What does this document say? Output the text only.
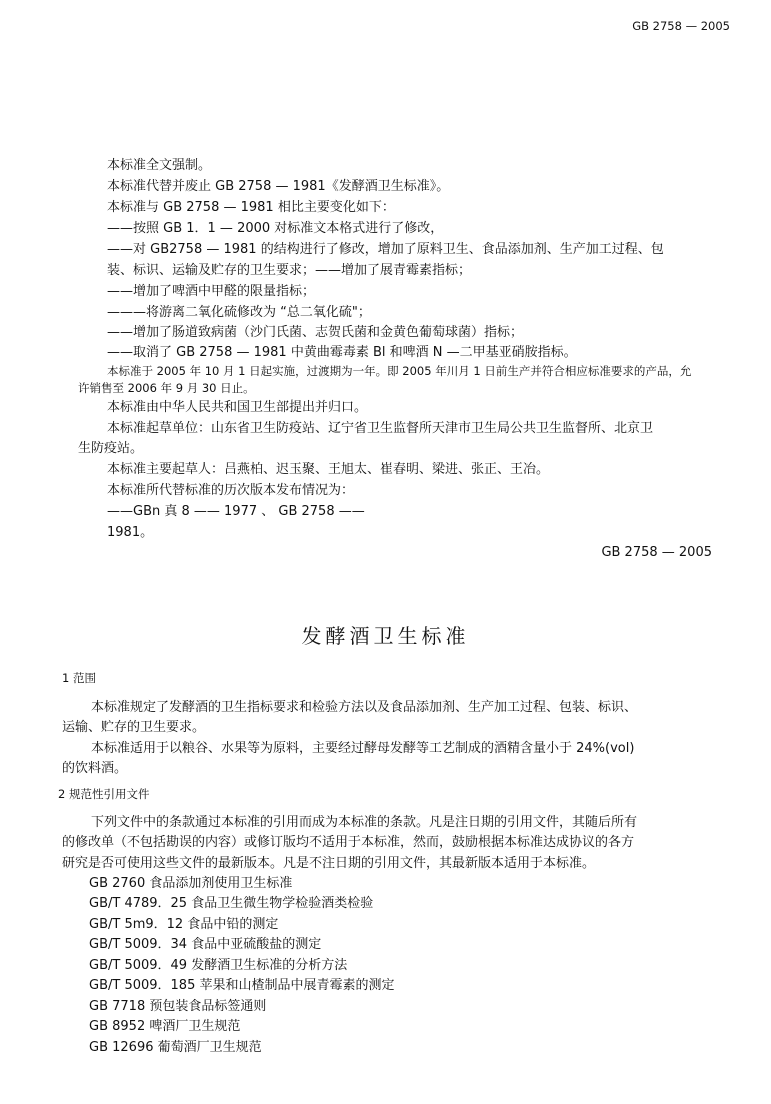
GB 2758 — 2005
本标准全文强制。
本标准代替并废止 GB 2758 — 1981《发酵酒卫生标准》。
本标准与 GB 2758 — 1981 相比主要变化如下：
——按照 GB 1．1 — 2000 对标准文本格式进行了修改，
——对 GB2758 — 1981 的结构进行了修改，增加了原料卫生、食品添加剂、生产加工过程、包
装、标识、运输及贮存的卫生要求；——增加了展青霉素指标；
——增加了啤酒中甲醛的限量指标；
———将游离二氧化硫修改为 “总二氧化硫"；
——增加了肠道致病菌（沙门氏菌、志贺氏菌和金黄色葡萄球菌）指标；
——取消了 GB 2758 — 1981 中黄曲霉毒素 Bl 和啤酒 N —二甲基亚硝胺指标。
本标准于 2005 年 10 月 1 日起实施，过渡期为一年。即 2005 年川月 1 日前生产并符合相应标准要求的产品，允
许销售至 2006 年 9 月 30 日止。
本标准由中华人民共和国卫生部提出并归口。
本标准起草单位：山东省卫生防疫站、辽宁省卫生监督所天津市卫生局公共卫生监督所、北京卫
生防疫站。
本标准主要起草人：吕燕柏、迟玉聚、王旭太、崔春明、梁进、张正、王冶。
本标准所代替标准的历次版本发布情况为：
——GBn 真 8 —— 1977 、 GB 2758 ——
1981。
GB 2758 — 2005
发酵酒卫生标准
1 范围
本标准规定了发酵酒的卫生指标要求和检验方法以及食品添加剂、生产加工过程、包装、标识、
运输、贮存的卫生要求。
本标准适用于以粮谷、水果等为原料，主要经过酵母发酵等工艺制成的酒精含量小于 24%(vol)
的饮料酒。
2 规范性引用文件
下列文件中的条款通过本标准的引用而成为本标准的条款。凡是注日期的引用文件，其随后所有
的修改单（不包括勘误的内容）或修订版均不适用于本标准，然而，鼓励根据本标准达成协议的各方
研究是否可使用这些文件的最新版本。凡是不注日期的引用文件，其最新版本适用于本标准。
GB 2760 食品添加剂使用卫生标准
GB/T 4789．25 食品卫生微生物学检验酒类检验
GB/T 5m9．12 食品中铅的测定
GB/T 5009．34 食品中亚硫酸盐的测定
GB/T 5009．49 发酵酒卫生标准的分析方法
GB/T 5009．185 苹果和山楂制品中展青霉素的测定
GB 7718 预包装食品标签通则
GB 8952 啤酒厂卫生规范
GB 12696 葡萄酒厂卫生规范
